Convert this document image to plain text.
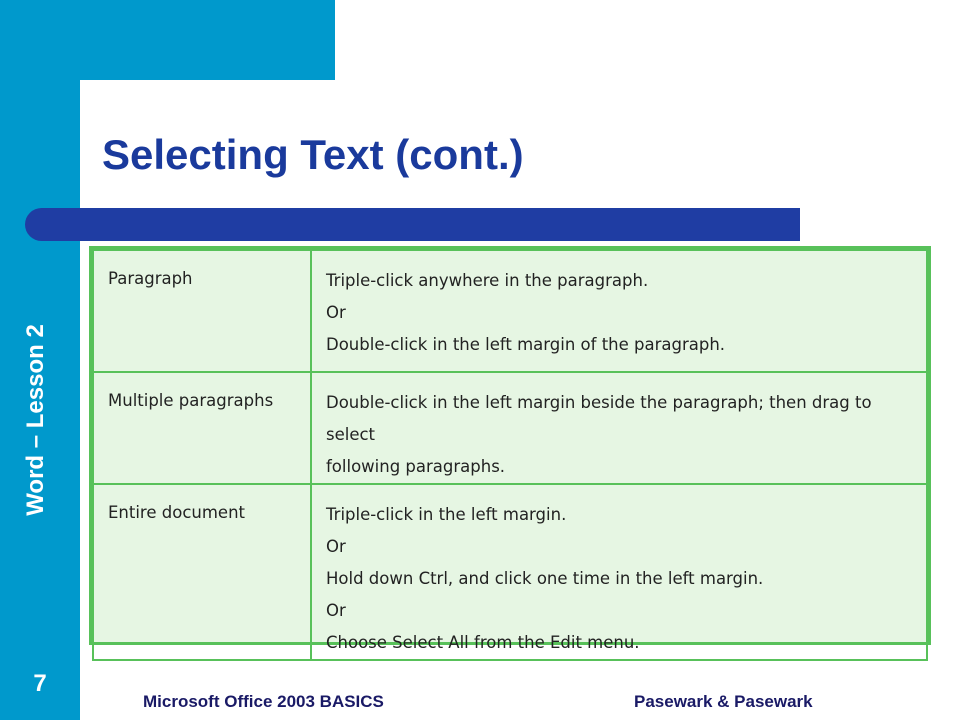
Word – Lesson 2
7
Selecting Text (cont.)
Paragraph	Triple-click anywhere in the paragraph.
Or
Double-click in the left margin of the paragraph.

Multiple paragraphs	Double-click in the left margin beside the paragraph; then drag to select
following paragraphs.

Entire document	Triple-click in the left margin.
Or
Hold down Ctrl, and click one time in the left margin.
Or
Choose Select All from the Edit menu.
Microsoft Office 2003 BASICS	Pasewark & Pasewark
